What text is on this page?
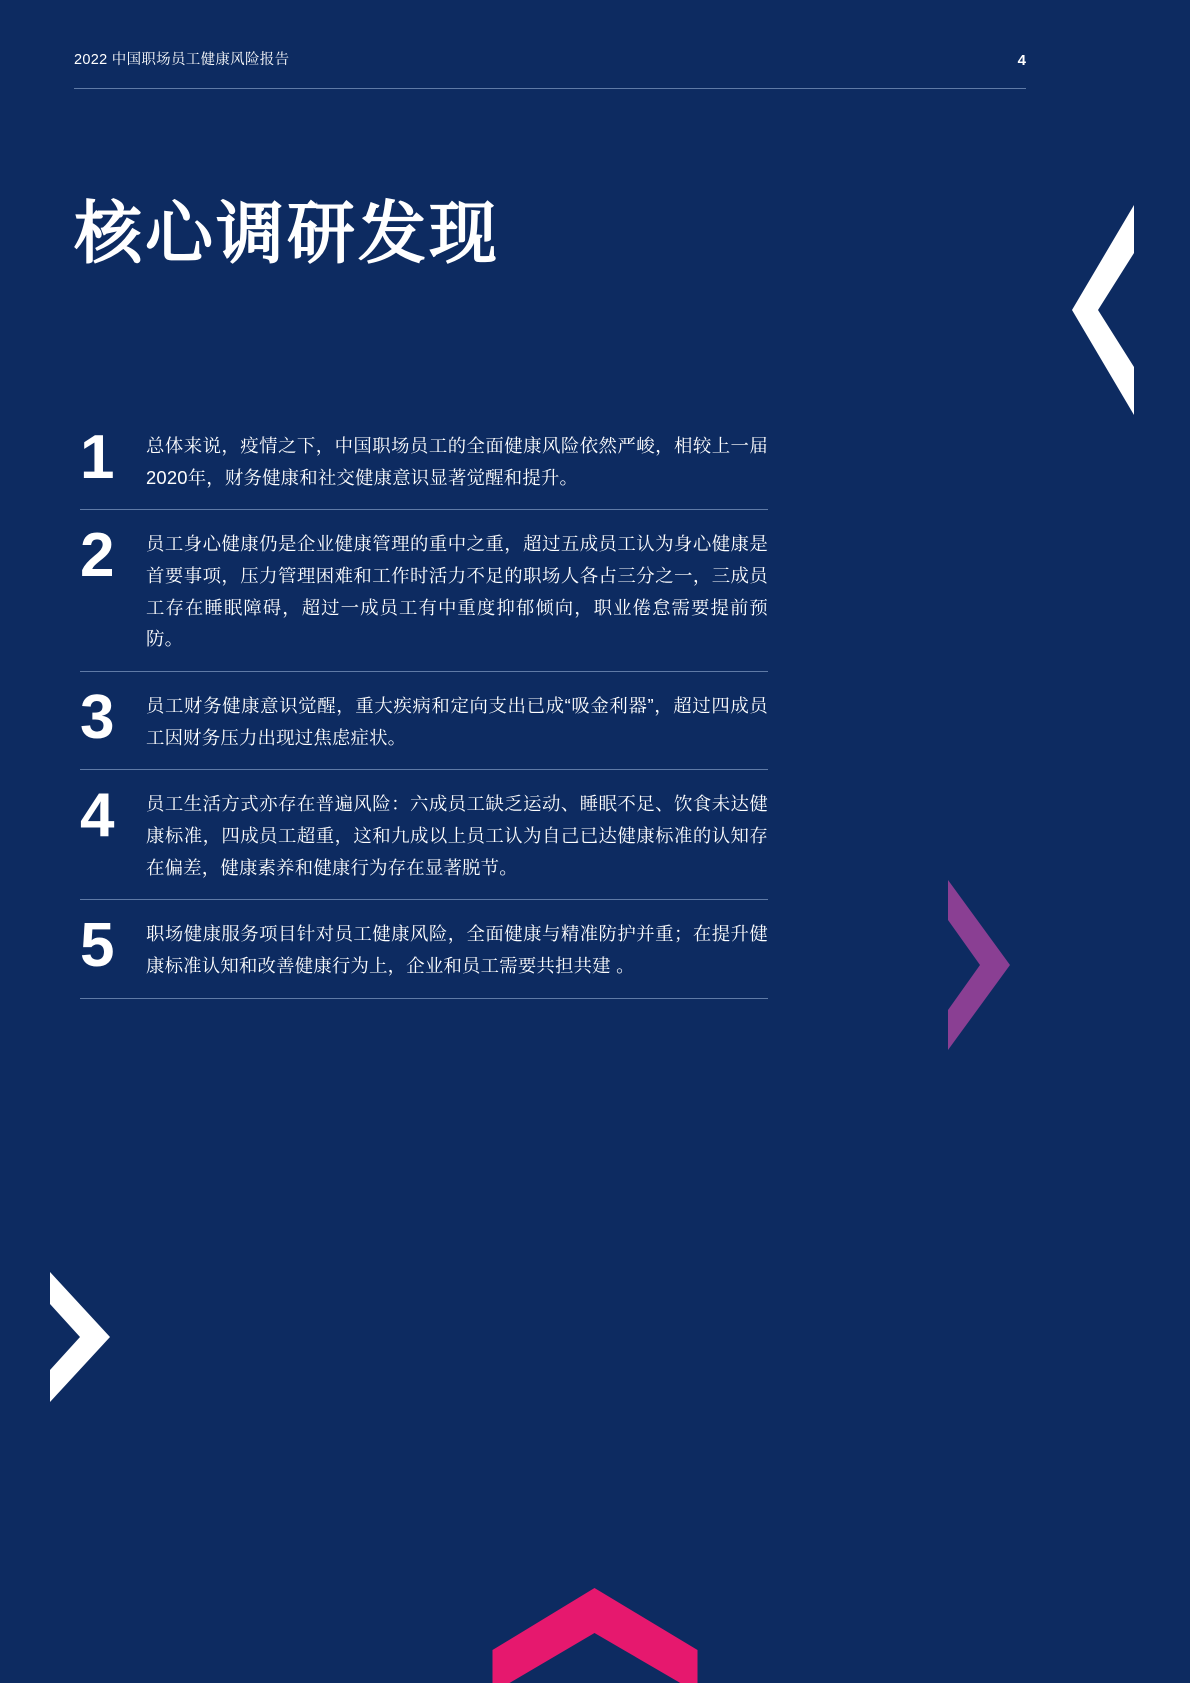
2022 中国职场员工健康风险报告	4
核心调研发现
1	总体来说，疫情之下，中国职场员工的全面健康风险依然严峻，相较上一届2020年，财务健康和社交健康意识显著觉醒和提升。
2	员工身心健康仍是企业健康管理的重中之重，超过五成员工认为身心健康是首要事项，压力管理困难和工作时活力不足的职场人各占三分之一，三成员工存在睡眠障碍，超过一成员工有中重度抑郁倾向，职业倦怠需要提前预防。
3	员工财务健康意识觉醒，重大疾病和定向支出已成“吸金利器”，超过四成员工因财务压力出现过焦虑症状。
4	员工生活方式亦存在普遍风险：六成员工缺乏运动、睡眠不足、饮食未达健康标准，四成员工超重，这和九成以上员工认为自己已达健康标准的认知存在偏差，健康素养和健康行为存在显著脱节。
5	职场健康服务项目针对员工健康风险，全面健康与精准防护并重；在提升健康标准认知和改善健康行为上，企业和员工需要共担共建 。
